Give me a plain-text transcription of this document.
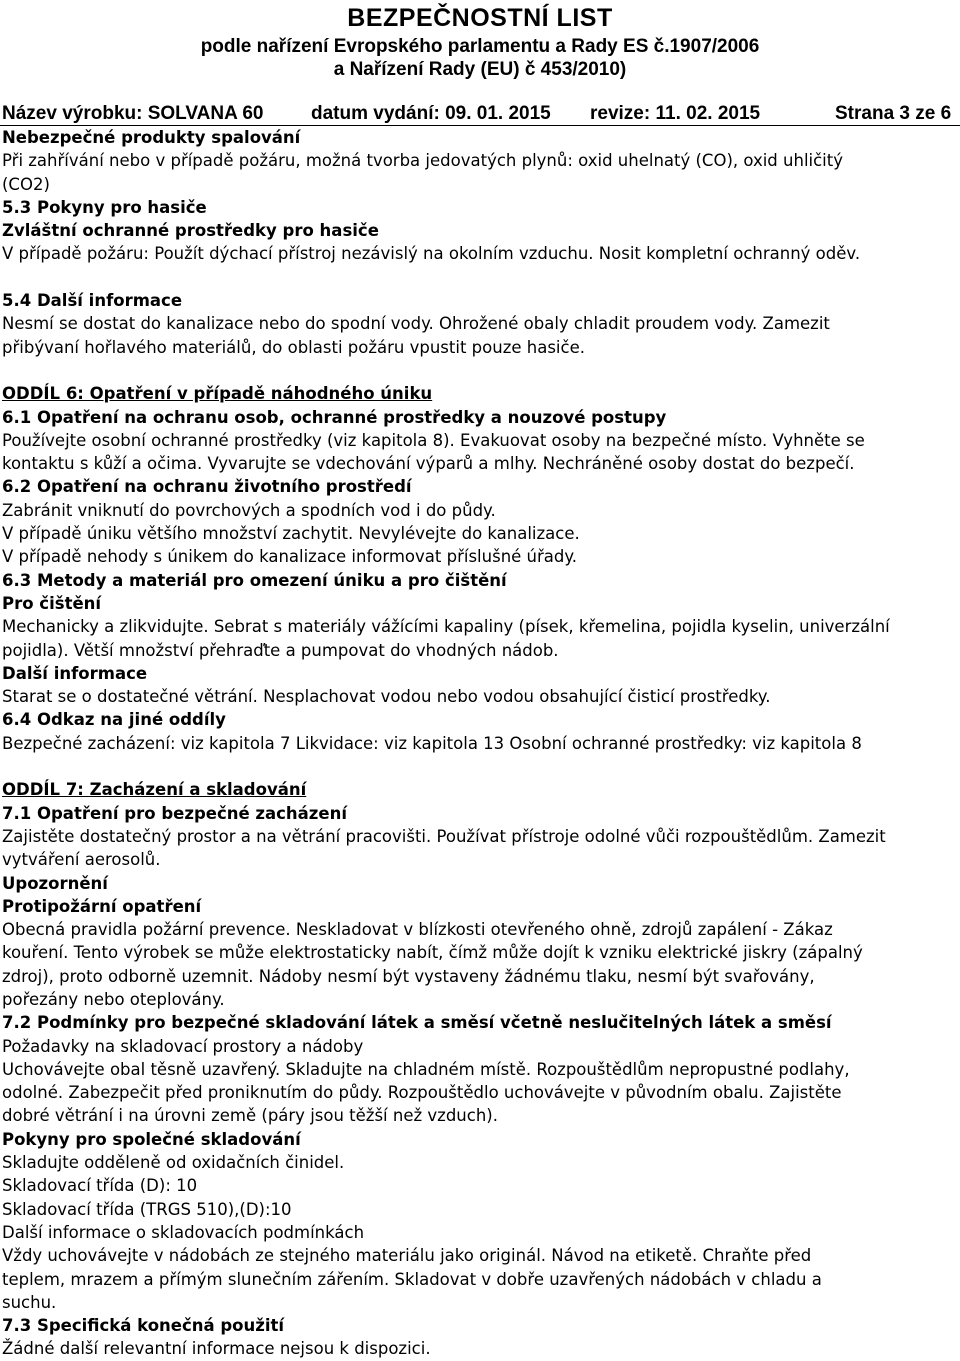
BEZPEČNOSTNÍ LIST
podle nařízení Evropského parlamentu a Rady ES č.1907/2006
a Nařízení Rady (EU) č 453/2010)
Název výrobku: SOLVANA 60 datum vydání: 09. 01. 2015 revize: 11. 02. 2015	Strana 3 ze 6
Nebezpečné produkty spalování
Při zahřívání nebo v případě požáru, možná tvorba jedovatých plynů: oxid uhelnatý (CO), oxid uhličitý
(CO2)
5.3 Pokyny pro hasiče
Zvláštní ochranné prostředky pro hasiče
V případě požáru: Použít dýchací přístroj nezávislý na okolním vzduchu. Nosit kompletní ochranný oděv.
5.4 Další informace
Nesmí se dostat do kanalizace nebo do spodní vody. Ohrožené obaly chladit proudem vody. Zamezit
přibývaní hořlavého materiálů, do oblasti požáru vpustit pouze hasiče.
ODDÍL 6: Opatření v případě náhodného úniku
6.1 Opatření na ochranu osob, ochranné prostředky a nouzové postupy
Používejte osobní ochranné prostředky (viz kapitola 8). Evakuovat osoby na bezpečné místo. Vyhněte se
kontaktu s kůží a očima. Vyvarujte se vdechování výparů a mlhy. Nechráněné osoby dostat do bezpečí.
6.2 Opatření na ochranu životního prostředí
Zabránit vniknutí do povrchových a spodních vod i do půdy.
V případě úniku většího množství zachytit. Nevylévejte do kanalizace.
V případě nehody s únikem do kanalizace informovat příslušné úřady.
6.3 Metody a materiál pro omezení úniku a pro čištění
Pro čištění
Mechanicky a zlikvidujte. Sebrat s materiály vážícími kapaliny (písek, křemelina, pojidla kyselin, univerzální
pojidla). Větší množství přehraďte a pumpovat do vhodných nádob.
Další informace
Starat se o dostatečné větrání. Nesplachovat vodou nebo vodou obsahující čisticí prostředky.
6.4 Odkaz na jiné oddíly
Bezpečné zacházení: viz kapitola 7 Likvidace: viz kapitola 13 Osobní ochranné prostředky: viz kapitola 8
ODDÍL 7: Zacházení a skladování
7.1 Opatření pro bezpečné zacházení
Zajistěte dostatečný prostor a na větrání pracovišti. Používat přístroje odolné vůči rozpouštědlům. Zamezit
vytváření aerosolů.
Upozornění
Protipožární opatření
Obecná pravidla požární prevence. Neskladovat v blízkosti otevřeného ohně, zdrojů zapálení - Zákaz
kouření. Tento výrobek se může elektrostaticky nabít, čímž může dojít k vzniku elektrické jiskry (zápalný
zdroj), proto odborně uzemnit. Nádoby nesmí být vystaveny žádnému tlaku, nesmí být svařovány,
pořezány nebo oteplovány.
7.2 Podmínky pro bezpečné skladování látek a směsí včetně neslučitelných látek a směsí
Požadavky na skladovací prostory a nádoby
Uchovávejte obal těsně uzavřený. Skladujte na chladném místě. Rozpouštědlům nepropustné podlahy,
odolné. Zabezpečit před proniknutím do půdy. Rozpouštědlo uchovávejte v původním obalu. Zajistěte
dobré větrání i na úrovni země (páry jsou těžší než vzduch).
Pokyny pro společné skladování
Skladujte odděleně od oxidačních činidel.
Skladovací třída (D): 10
Skladovací třída (TRGS 510),(D):10
Další informace o skladovacích podmínkách
Vždy uchovávejte v nádobách ze stejného materiálu jako originál. Návod na etiketě. Chraňte před
teplem, mrazem a přímým slunečním zářením. Skladovat v dobře uzavřených nádobách v chladu a
suchu.
7.3 Specifická konečná použití
Žádné další relevantní informace nejsou k dispozici.
